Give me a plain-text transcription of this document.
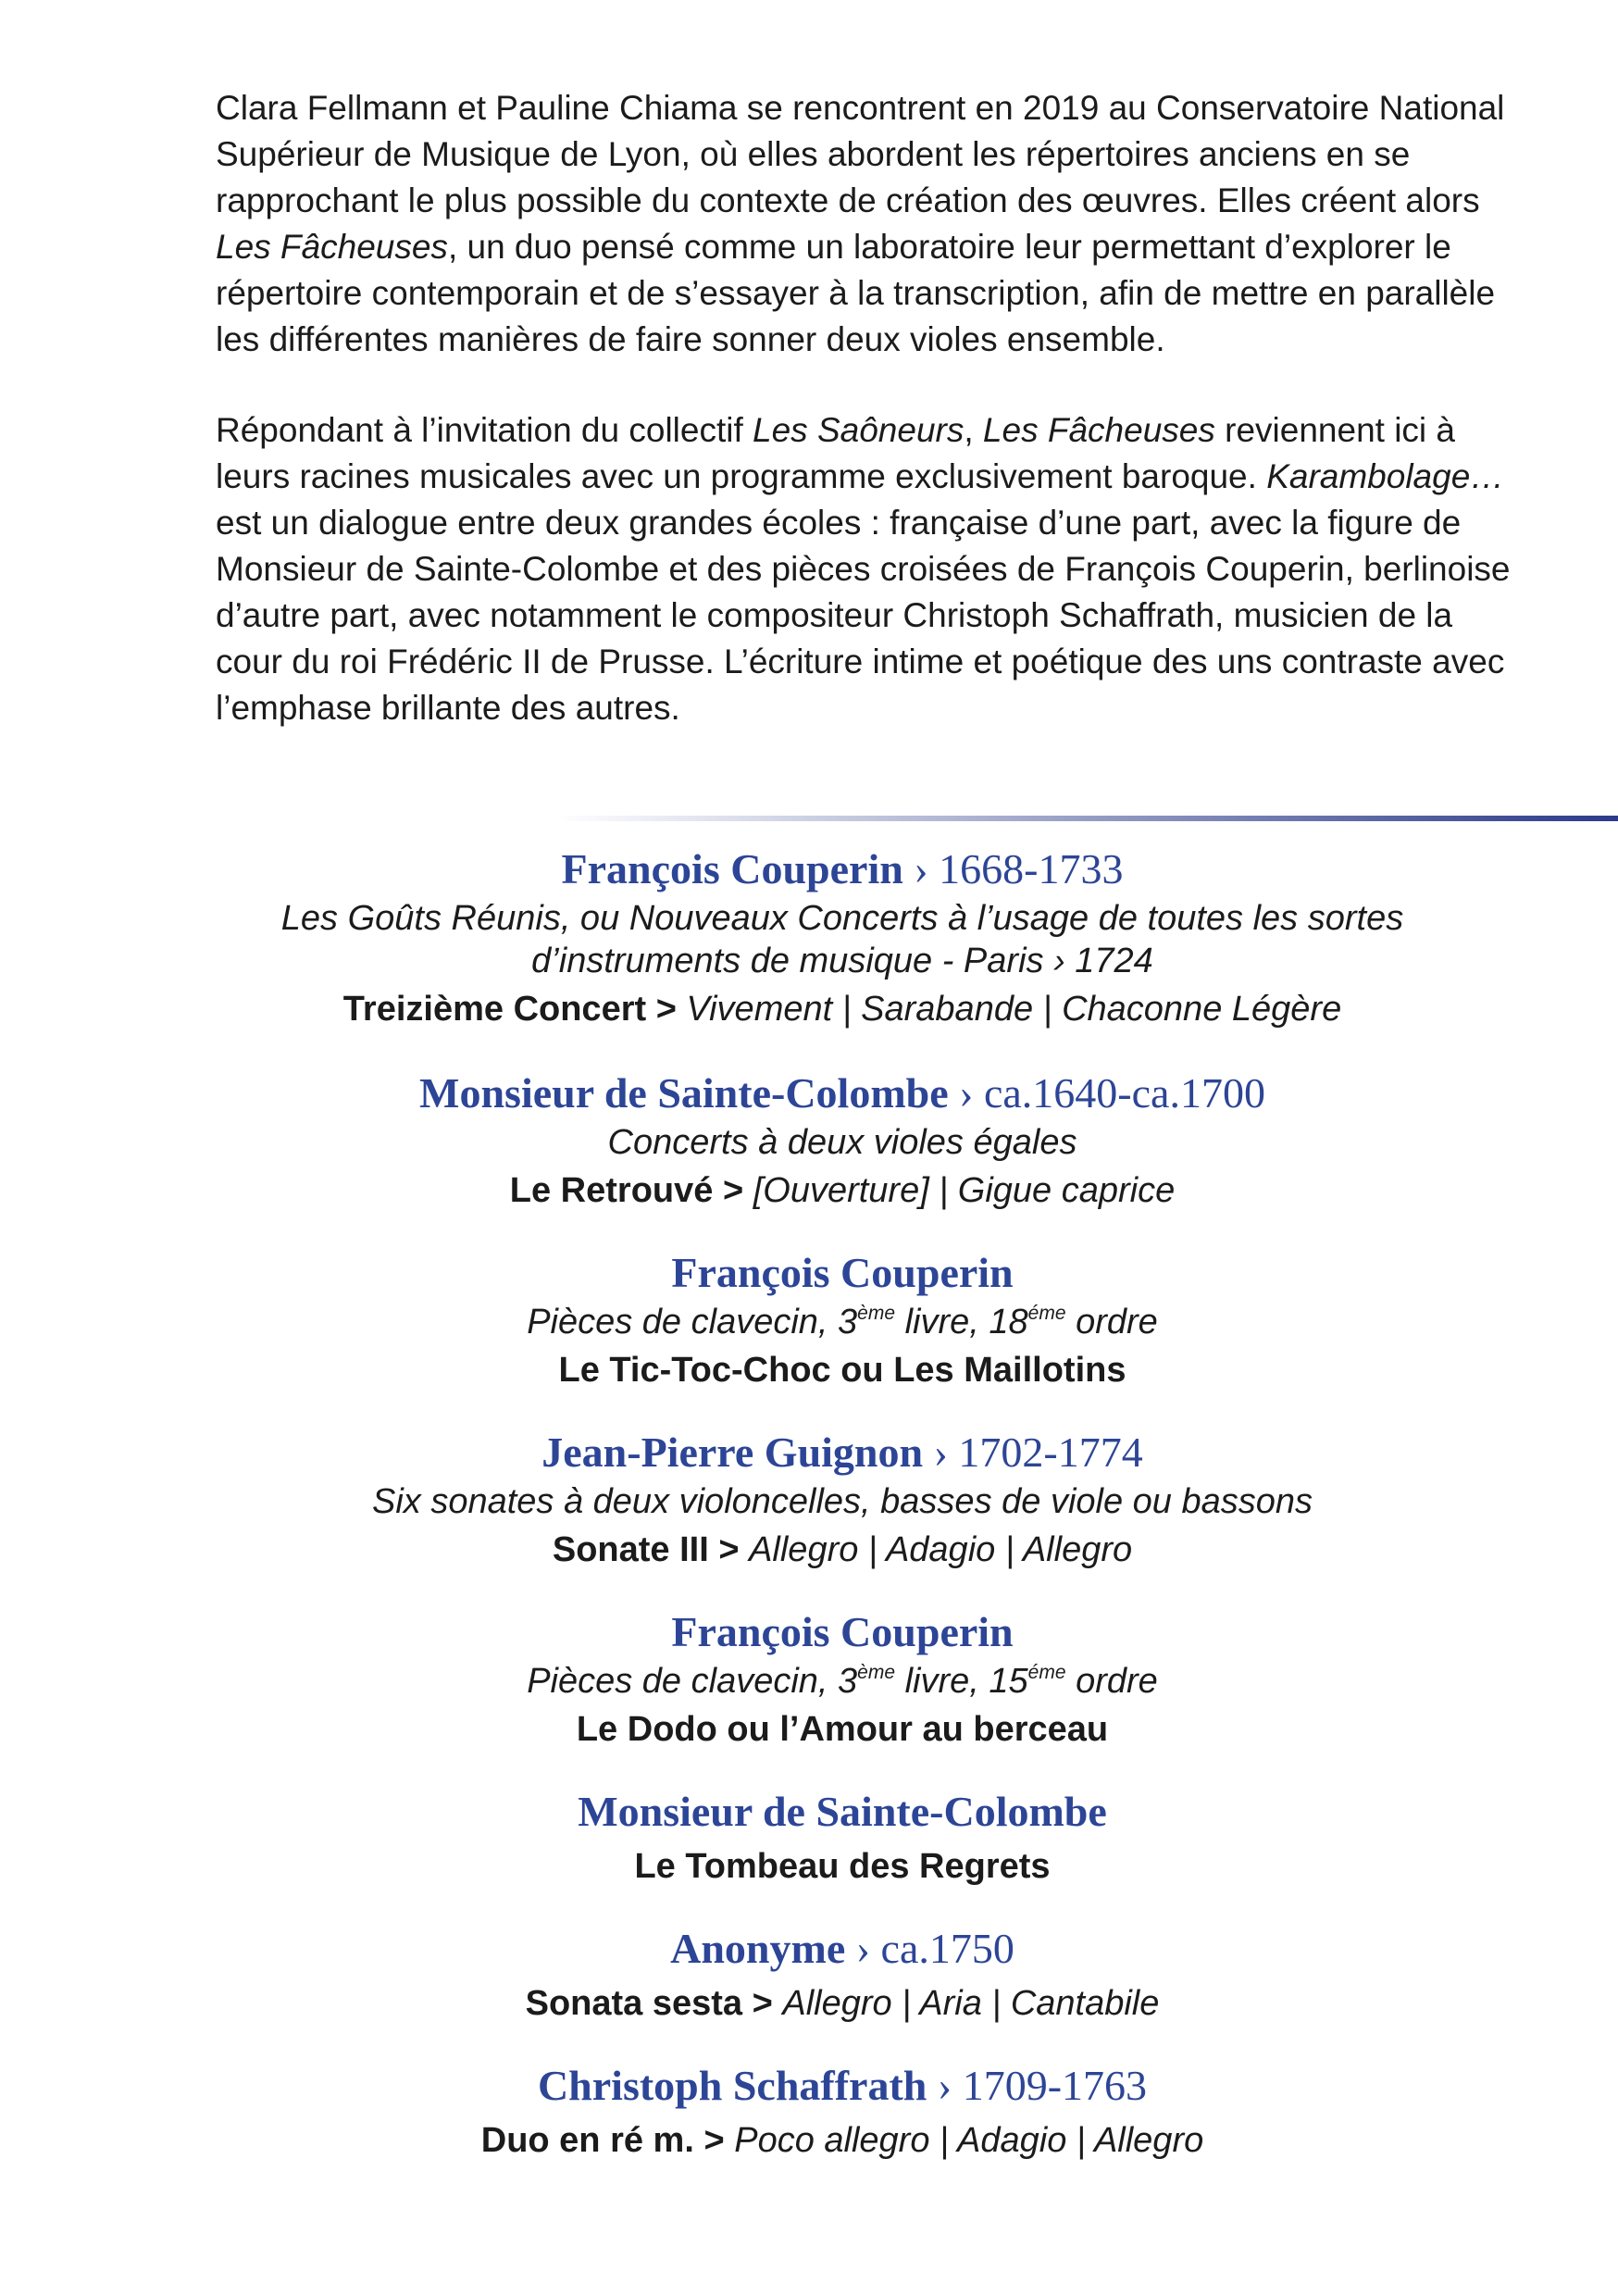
Clara Fellmann et Pauline Chiama se rencontrent en 2019 au Conservatoire National Supérieur de Musique de Lyon, où elles abordent les répertoires anciens en se rapprochant le plus possible du contexte de création des œuvres. Elles créent alors Les Fâcheuses, un duo pensé comme un laboratoire leur permettant d’explorer le répertoire contemporain et de s’essayer à la transcription, afin de mettre en parallèle les différentes manières de faire sonner deux violes ensemble.

Répondant à l’invitation du collectif Les Saôneurs, Les Fâcheuses reviennent ici à leurs racines musicales avec un programme exclusivement baroque. Karambolage… est un dialogue entre deux grandes écoles : française d’une part, avec la figure de Monsieur de Sainte-Colombe et des pièces croisées de François Couperin, berlinoise d’autre part, avec notamment le compositeur Christoph Schaffrath, musicien de la cour du roi Frédéric II de Prusse. L’écriture intime et poétique des uns contraste avec l’emphase brillante des autres.

François Couperin › 1668-1733
Les Goûts Réunis, ou Nouveaux Concerts à l’usage de toutes les sortes
d’instruments de musique - Paris › 1724
Treizième Concert > Vivement | Sarabande | Chaconne Légère
Monsieur de Sainte-Colombe › ca.1640-ca.1700
Concerts à deux violes égales
Le Retrouvé > [Ouverture] | Gigue caprice
François Couperin
Pièces de clavecin, 3ème livre, $18^{éme}$ ordre
Le Tic-Toc-Choc ou Les Maillotins
Jean-Pierre Guignon › 1702-1774
Six sonates à deux violoncelles, basses de viole ou bassons
Sonate III > Allegro | Adagio | Allegro
François Couperin
Pièces de clavecin, 3ème livre, $15^{éme}$ ordre
Le Dodo ou l’Amour au berceau
Monsieur de Sainte-Colombe
Le Tombeau des Regrets
Anonyme › ca.1750
Sonata sesta > Allegro | Aria | Cantabile
Christoph Schaffrath › 1709-1763
Duo en ré m. > Poco allegro | Adagio | Allegro
